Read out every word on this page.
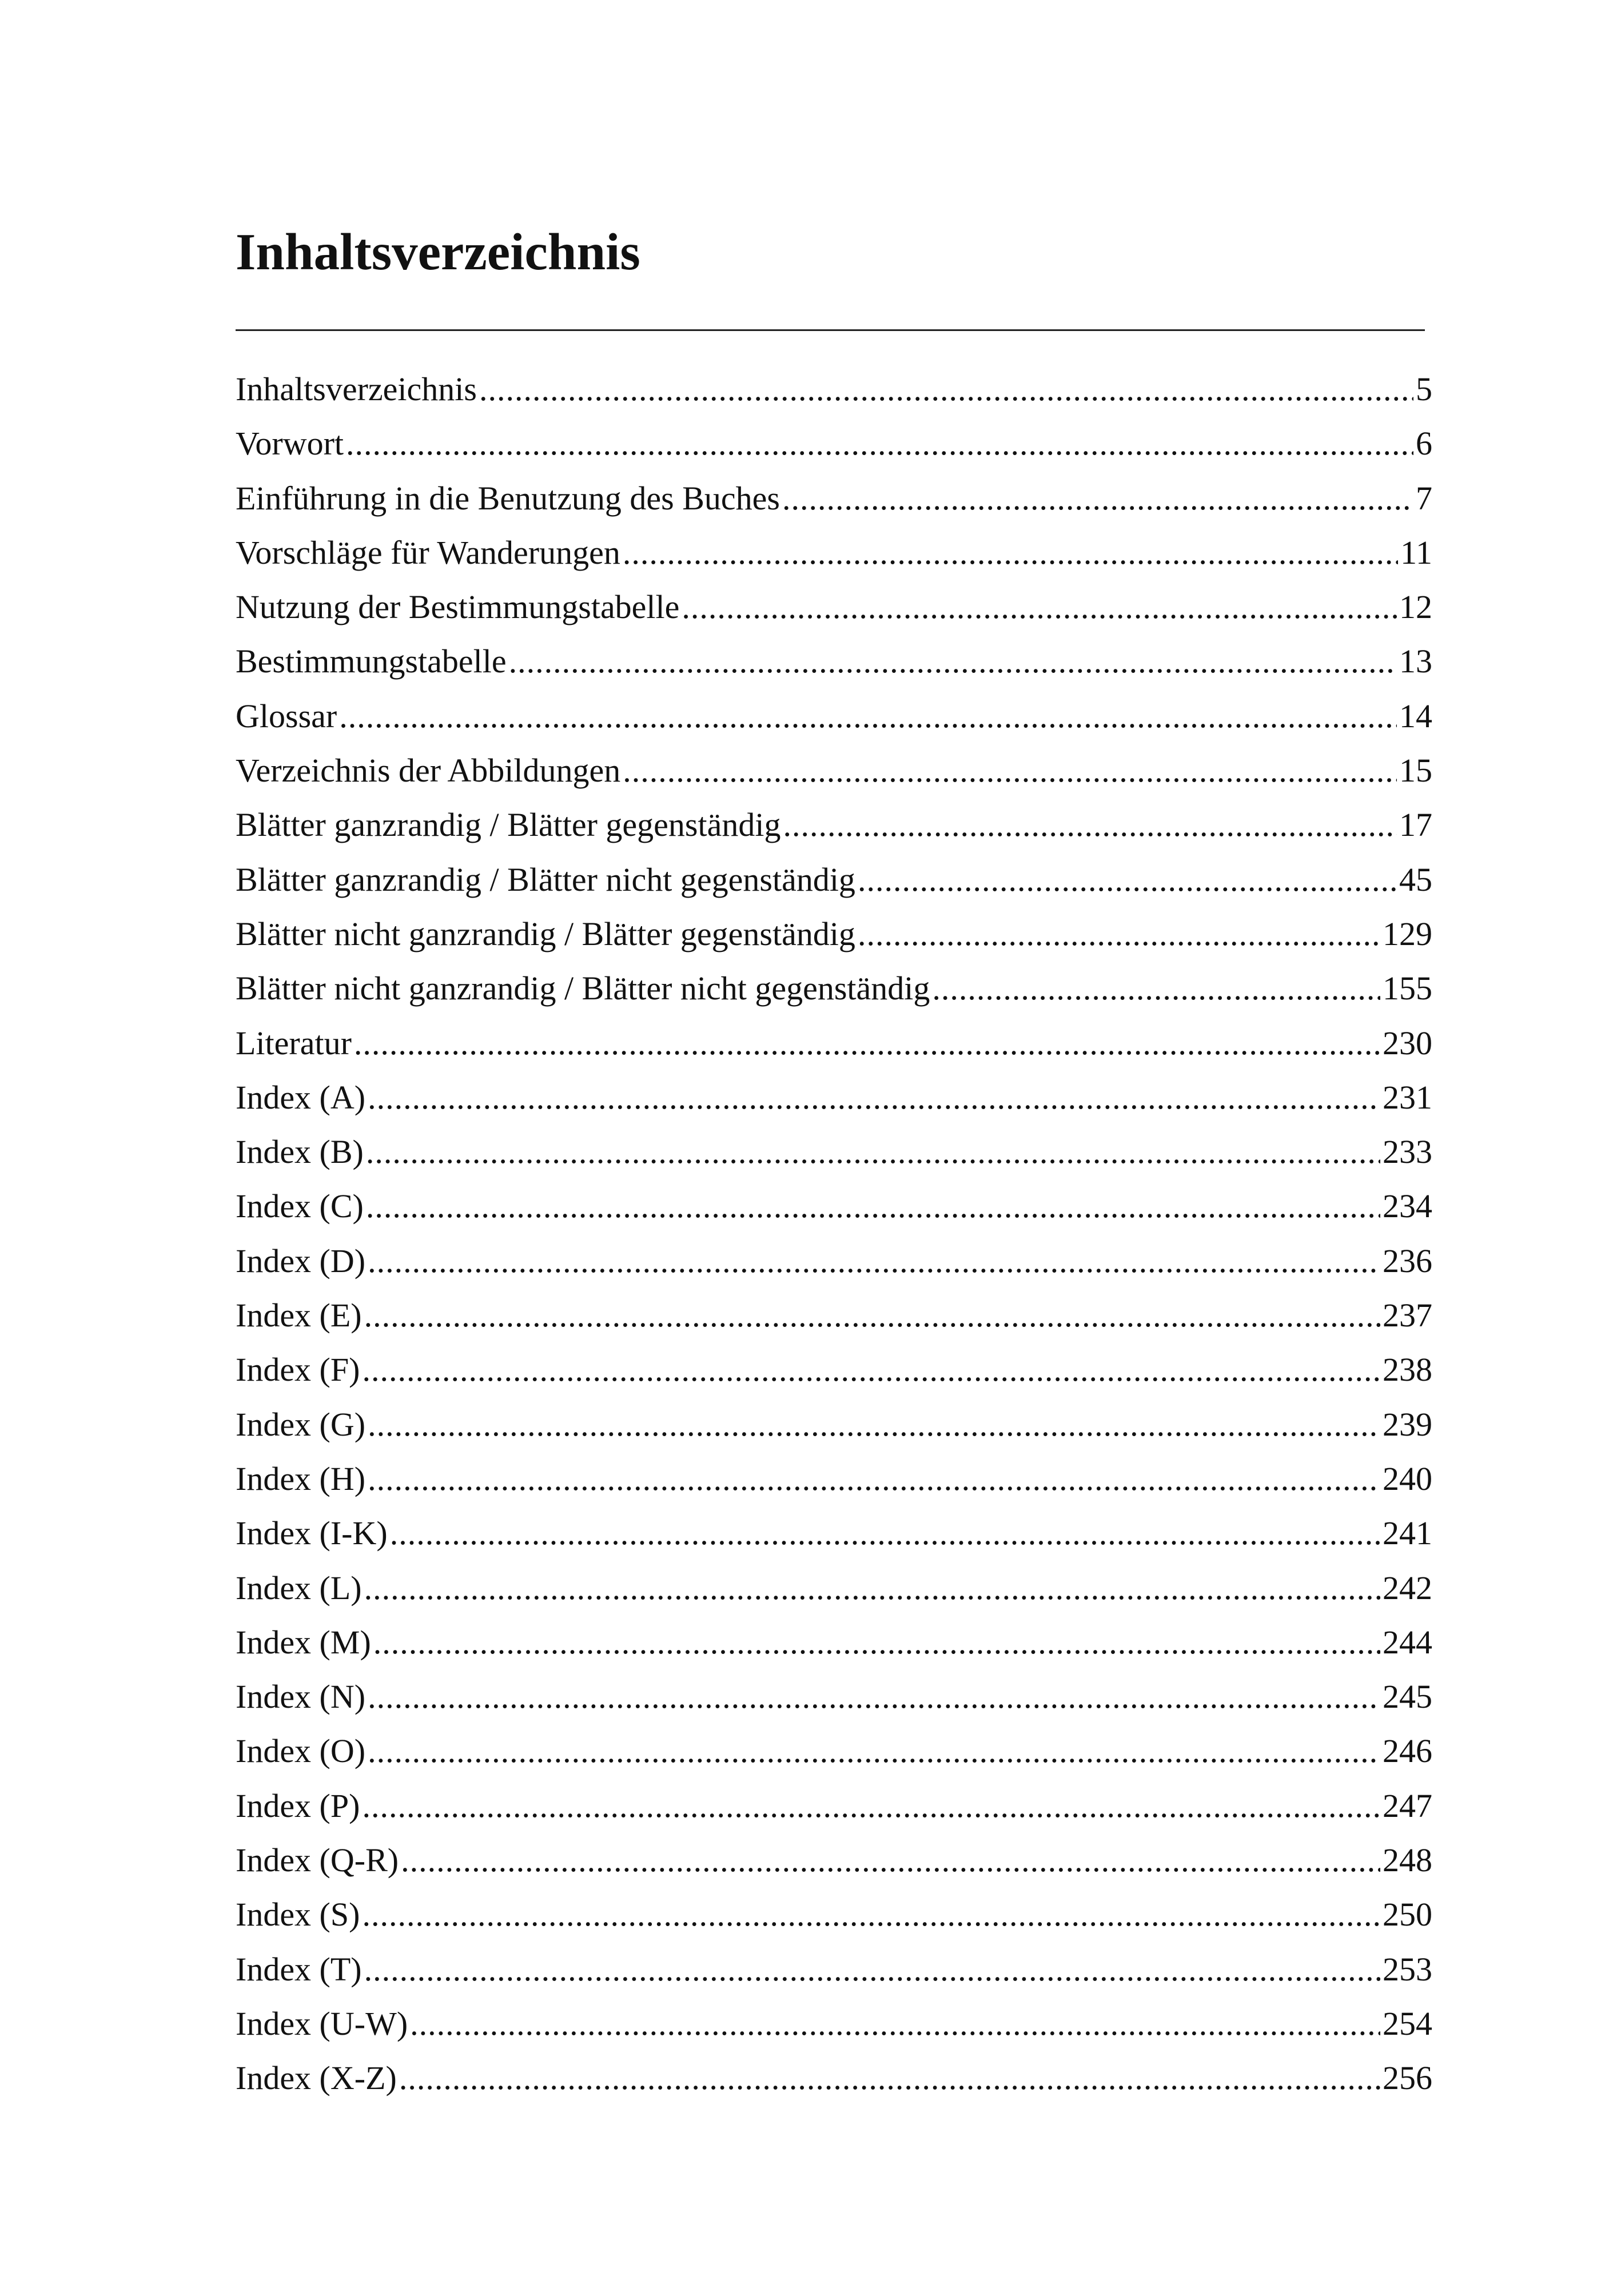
Inhaltsverzeichnis
Inhaltsverzeichnis .....	5
Vorwort .....	6
Einführung in die Benutzung des Buches .....	7
Vorschläge für Wanderungen .....	11
Nutzung der Bestimmungstabelle .....	12
Bestimmungstabelle .....	13
Glossar .....	14
Verzeichnis der Abbildungen .....	15
Blätter ganzrandig / Blätter gegenständig .....	17
Blätter ganzrandig / Blätter nicht gegenständig .....	45
Blätter nicht ganzrandig / Blätter gegenständig .....	129
Blätter nicht ganzrandig / Blätter nicht gegenständig .....	155
Literatur .....	230
Index (A) .....	231
Index (B) .....	233
Index (C) .....	234
Index (D) .....	236
Index (E) .....	237
Index (F) .....	238
Index (G) .....	239
Index (H) .....	240
Index (I-K) .....	241
Index (L) .....	242
Index (M) .....	244
Index (N) .....	245
Index (O) .....	246
Index (P) .....	247
Index (Q-R) .....	248
Index (S) .....	250
Index (T) .....	253
Index (U-W) .....	254
Index (X-Z) .....	256
